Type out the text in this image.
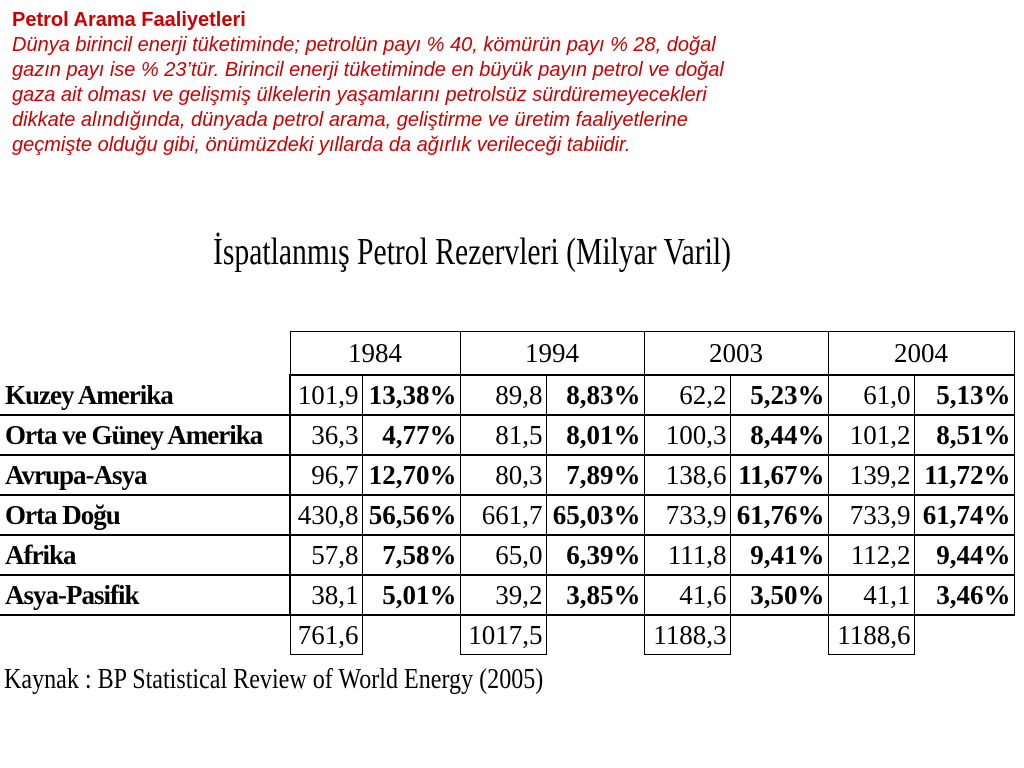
Petrol Arama Faaliyetleri

Dünya birincil enerji tüketiminde; petrolün payı % 40, kömürün payı % 28, doğal
gazın payı ise % 23’tür. Birincil enerji tüketiminde en büyük payın petrol ve doğal
gaza ait olması ve gelişmiş ülkelerin yaşamlarını petrolsüz sürdüremeyecekleri
dikkate alındığında, dünyada petrol arama, geliştirme ve üretim faaliyetlerine
geçmişte olduğu gibi, önümüzdeki yıllarda da ağırlık verileceği tabiidir.

İspatlanmış Petrol Rezervleri (Milyar Varil)

	1984		1994		2003		2004	
Kuzey Amerika	101,9	13,38%	89,8	8,83%	62,2	5,23%	61,0	5,13%
Orta ve Güney Amerika	36,3	4,77%	81,5	8,01%	100,3	8,44%	101,2	8,51%
Avrupa-Asya	96,7	12,70%	80,3	7,89%	138,6	11,67%	139,2	11,72%
Orta Doğu	430,8	56,56%	661,7	65,03%	733,9	61,76%	733,9	61,74%
Afrika	57,8	7,58%	65,0	6,39%	111,8	9,41%	112,2	9,44%
Asya-Pasifik	38,1	5,01%	39,2	3,85%	41,6	3,50%	41,1	3,46%
	761,6		1017,5		1188,3		1188,6	

Kaynak : BP Statistical Review of World Energy (2005)
